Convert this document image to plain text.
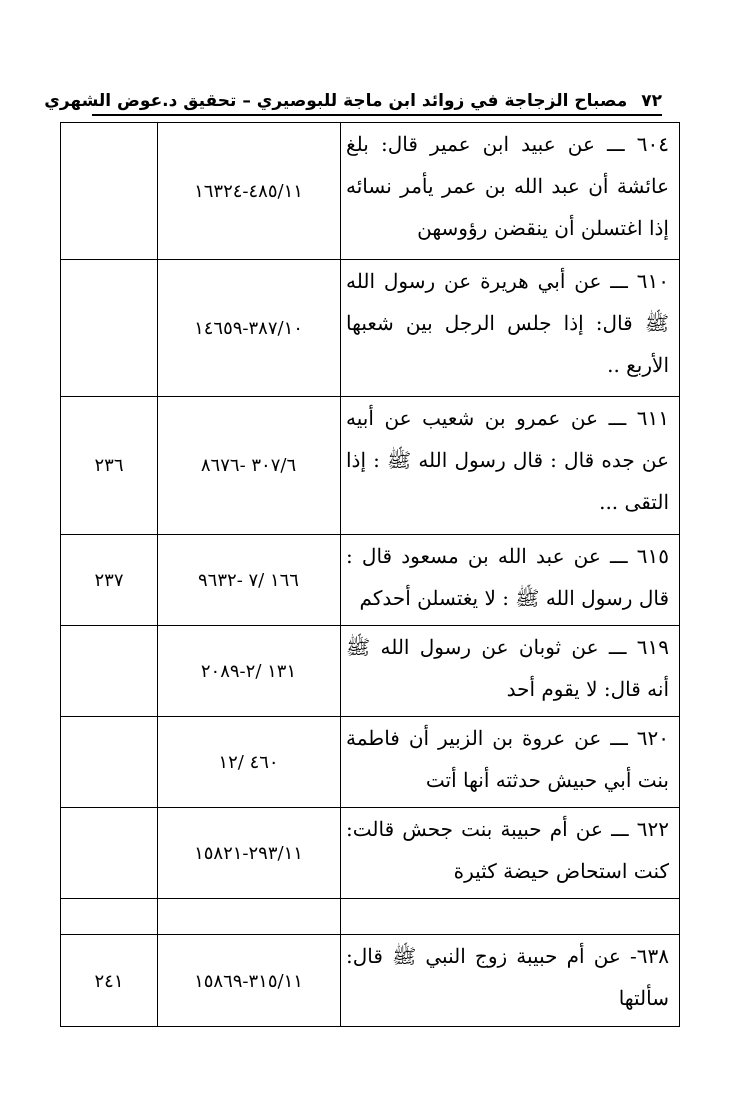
٧٢مصباح الزجاجة في زوائد ابن ماجة للبوصيري – تحقيق د.عوض الشهري
٦٠٤ ـــ عن عبيد ابن عمير قال: بلغ عائشة أن عبد الله بن عمر يأمر نسائه إذا اغتسلن أن ينقضن رؤوسهن
٤٨٥/١١-١٦٣٢٤
٦١٠ ـــ عن أبي هريرة عن رسول الله ﷺ قال: إذا جلس الرجل بين شعبها الأربع ..
٣٨٧/١٠-١٤٦٥٩
٦١١ ـــ عن عمرو بن شعيب عن أبيه عن جده قال : قال رسول الله ﷺ : إذا التقى ...
٣٠٧/٦ -٨٦٧٦
٢٣٦
٦١٥ ـــ عن عبد الله بن مسعود قال : قال رسول الله ﷺ : لا يغتسلن أحدكم
١٦٦ /٧ -٩٦٣٢
٢٣٧
٦١٩ ـــ عن ثوبان عن رسول الله ﷺ أنه قال: لا يقوم أحد
١٣١ /٢-٢٠٨٩
٦٢٠ ـــ عن عروة بن الزبير أن فاطمة بنت أبي حبيش حدثته أنها أتت
٤٦٠ /١٢
٦٢٢ ـــ عن أم حبيبة بنت جحش قالت: كنت استحاض حيضة كثيرة
٢٩٣/١١-١٥٨٢١
٦٣٨- عن أم حبيبة زوج النبي ﷺ قال: سألتها
٣١٥/١١-١٥٨٦٩
٢٤١
